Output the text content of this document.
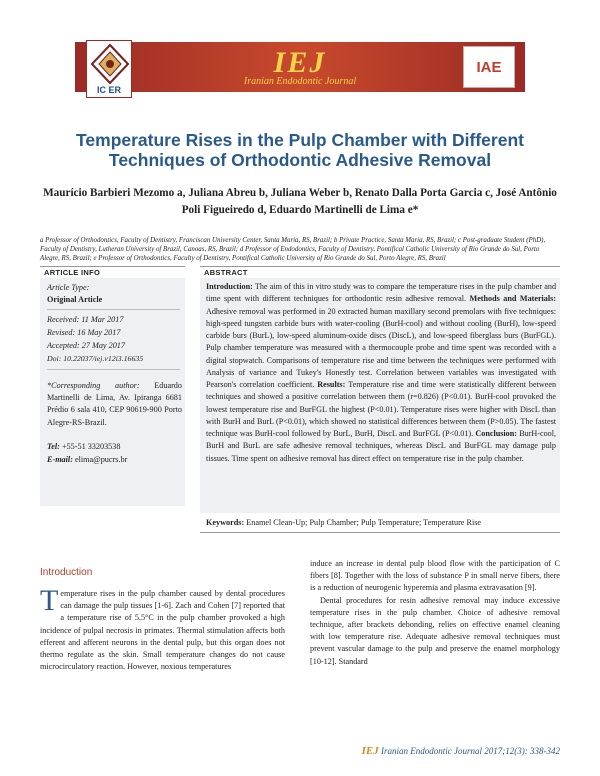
IEJ
Iranian Endodontic Journal
IC ER
IAE
Temperature Rises in the Pulp Chamber with Different Techniques of Orthodontic Adhesive Removal
Maurício Barbieri Mezomo a, Juliana Abreu b, Juliana Weber b, Renato Dalla Porta Garcia c, José Antônio Poli Figueiredo d, Eduardo Martinelli de Lima e*
a Professor of Orthodontics, Faculty of Dentistry, Franciscan University Center, Santa Maria, RS, Brazil; b Private Practice, Santa Maria, RS, Brazil; c Post-graduate Student (PhD), Faculty of Dentistry, Lutheran University of Brazil, Canoas, RS, Brazil; d Professor of Endodontics, Faculty of Dentistry, Pontifical Catholic University of Rio Grande do Sul, Porto Alegre, RS, Brazil; e Professor of Orthodontics, Faculty of Dentistry, Pontifical Catholic University of Rio Grande do Sul, Porto Alegre, RS, Brazil
ARTICLE INFO	ABSTRACT
Article Type:
Original Article
Received: 11 Mar 2017
Revised: 16 May 2017
Accepted: 27 May 2017
Doi: 10.22037/iej.v12i3.16635
*Corresponding author: Eduardo Martinelli de Lima, Av. Ipiranga 6681 Prédio 6 sala 410, CEP 90619-900 Porto Alegre-RS-Brazil.
Tel: +55-51 33203538
E-mail: elima@pucrs.br
Introduction: The aim of this in vitro study was to compare the temperature rises in the pulp chamber and time spent with different techniques for orthodontic resin adhesive removal. Methods and Materials: Adhesive removal was performed in 20 extracted human maxillary second premolars with five techniques: high-speed tungsten carbide burs with water-cooling (BurH-cool) and without cooling (BurH), low-speed carbide burs (BurL), low-speed aluminum-oxide discs (DiscL), and low-speed fiberglass burs (BurFGL). Pulp chamber temperature was measured with a thermocouple probe and time spent was recorded with a digital stopwatch. Comparisons of temperature rise and time between the techniques were performed with Analysis of variance and Tukey's Honestly test. Correlation between variables was investigated with Pearson's correlation coefficient. Results: Temperature rise and time were statistically different between techniques and showed a positive correlation between them (r=0.826) (P<0.01). BurH-cool provoked the lowest temperature rise and BurFGL the highest (P<0.01). Temperature rises were higher with DiscL than with BurH and BurL (P<0.01), which showed no statistical differences between them (P>0.05). The fastest technique was BurH-cool followed by BurL, BurH, DiscL and BurFGL (P<0.01). Conclusion: BurH-cool, BurH and BurL are safe adhesive removal techniques, whereas DiscL and BurFGL may damage pulp tissues. Time spent on adhesive removal has direct effect on temperature rise in the pulp chamber.
Keywords: Enamel Clean-Up; Pulp Chamber; Pulp Temperature; Temperature Rise
Introduction
Temperature rises in the pulp chamber caused by dental procedures can damage the pulp tissues [1-6]. Zach and Cohen [7] reported that a temperature rise of 5.5°C in the pulp chamber provoked a high incidence of pulpal necrosis in primates. Thermal stimulation affects both efferent and afferent neurons in the dental pulp, but this organ does not thermo regulate as the skin. Small temperature changes do not cause microcirculatory reaction. However, noxious temperatures

induce an increase in dental pulp blood flow with the participation of C fibers [8]. Together with the loss of substance P in small nerve fibers, there is a reduction of neurogenic hyperemia and plasma extravasation [9].

Dental procedures for resin adhesive removal may induce excessive temperature rises in the pulp chamber. Choice of adhesive removal technique, after brackets debonding, relies on effective enamel cleaning with low temperature rise. Adequate adhesive removal techniques must prevent vascular damage to the pulp and preserve the enamel morphology [10-12]. Standard

IEJ Iranian Endodontic Journal 2017;12(3): 338-342
